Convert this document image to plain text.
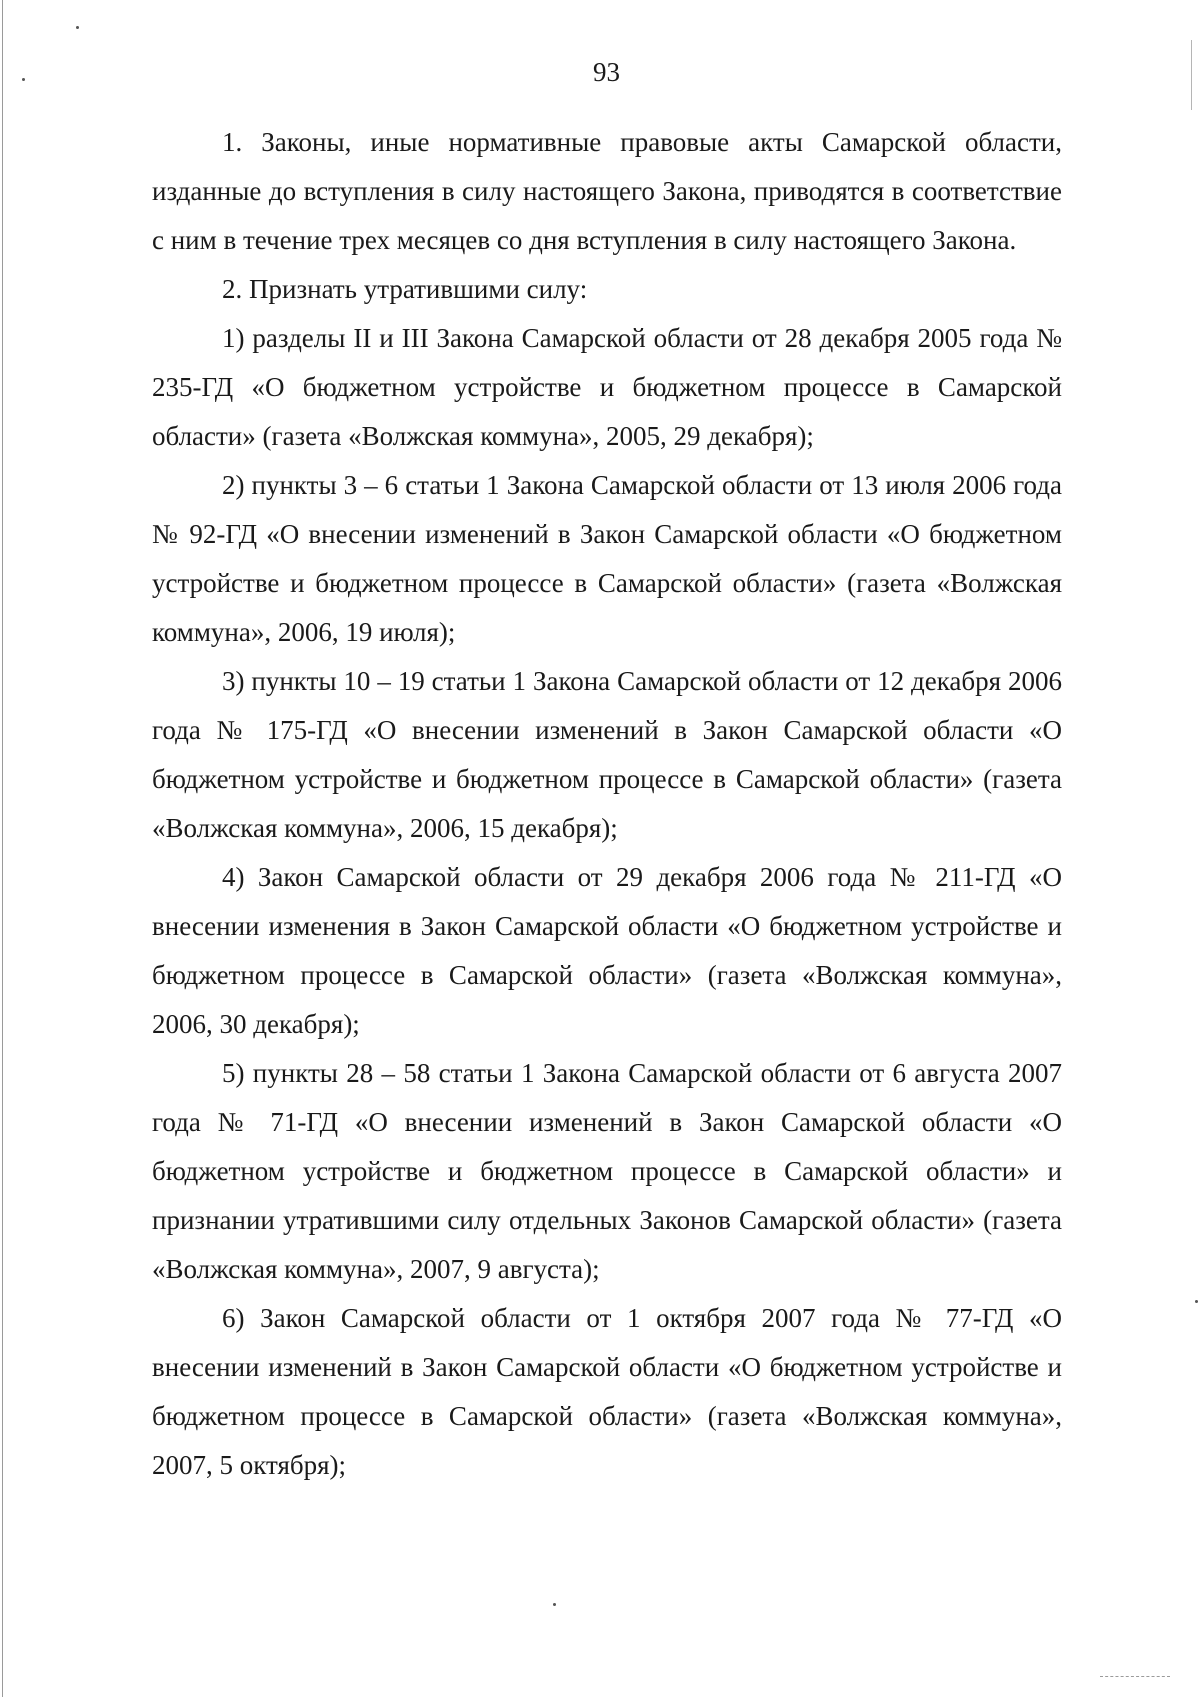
93

1. Законы, иные нормативные правовые акты Самарской области, изданные до вступления в силу настоящего Закона, приводятся в соответствие с ним в течение трех месяцев со дня вступления в силу настоящего Закона.

2. Признать утратившими силу:

1) разделы II и III Закона Самарской области от 28 декабря 2005 года № 235-ГД «О бюджетном устройстве и бюджетном процессе в Самарской области» (газета «Волжская коммуна», 2005, 29 декабря);

2) пункты 3 – 6 статьи 1 Закона Самарской области от 13 июля 2006 года № 92-ГД «О внесении изменений в Закон Самарской области «О бюджетном устройстве и бюджетном процессе в Самарской области» (газета «Волжская коммуна», 2006, 19 июля);

3) пункты 10 – 19 статьи 1 Закона Самарской области от 12 декабря 2006 года № 175-ГД «О внесении изменений в Закон Самарской области «О бюджетном устройстве и бюджетном процессе в Самарской области» (газета «Волжская коммуна», 2006, 15 декабря);

4) Закон Самарской области от 29 декабря 2006 года № 211-ГД «О внесении изменения в Закон Самарской области «О бюджетном устройстве и бюджетном процессе в Самарской области» (газета «Волжская коммуна», 2006, 30 декабря);

5) пункты 28 – 58 статьи 1 Закона Самарской области от 6 августа 2007 года № 71-ГД «О внесении изменений в Закон Самарской области «О бюджетном устройстве и бюджетном процессе в Самарской области» и признании утратившими силу отдельных Законов Самарской области» (газета «Волжская коммуна», 2007, 9 августа);

6) Закон Самарской области от 1 октября 2007 года № 77-ГД «О внесении изменений в Закон Самарской области «О бюджетном устройстве и бюджетном процессе в Самарской области» (газета «Волжская коммуна», 2007, 5 октября);
